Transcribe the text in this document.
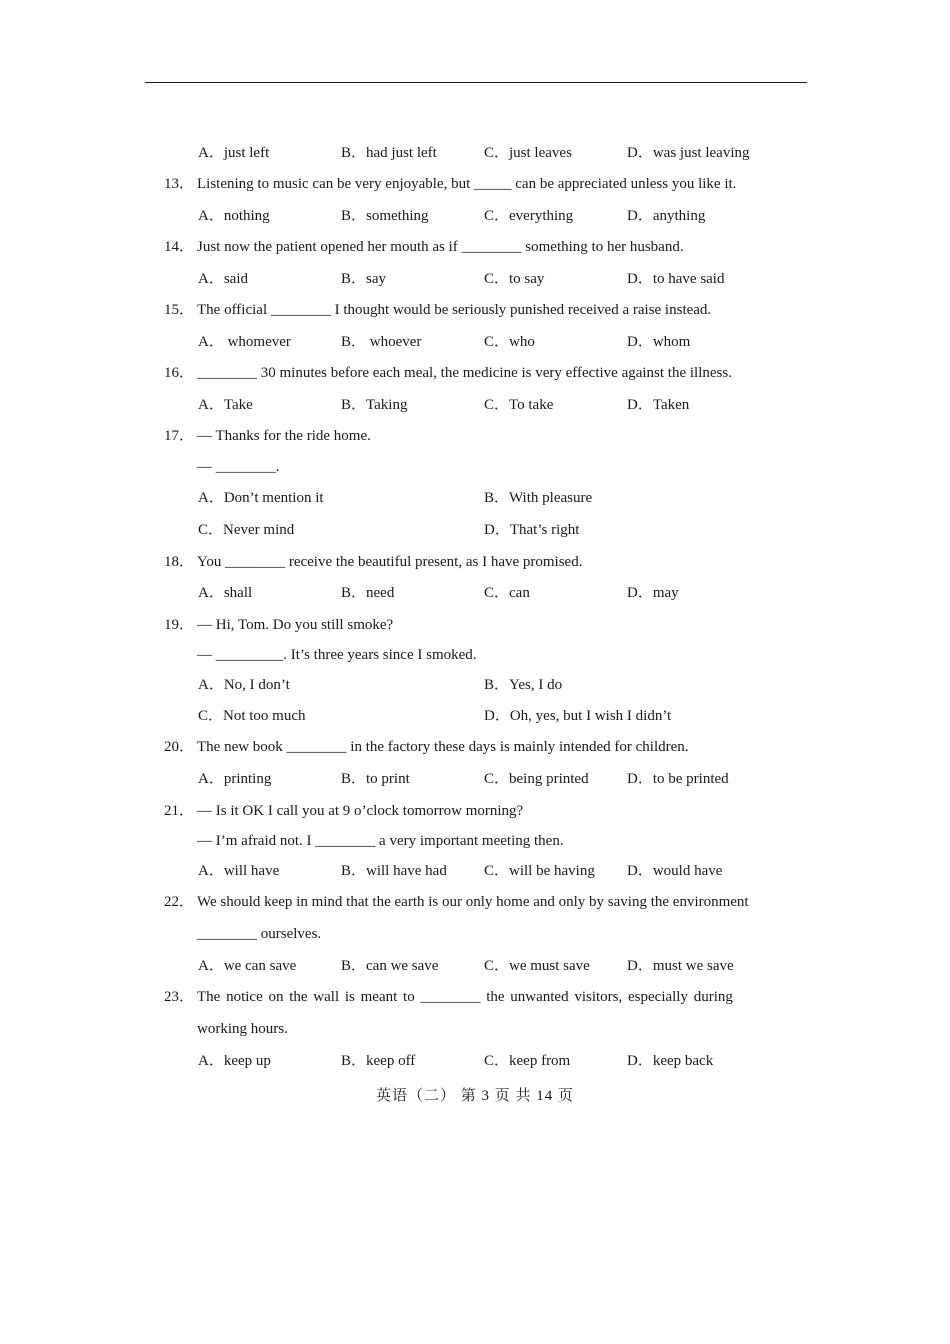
A．just left	B．had just left	C．just leaves	D．was just leaving
13． Listening to music can be very enjoyable, but _____ can be appreciated unless you like it.
A．nothing	B．something	C．everything	D．anything
14． Just now the patient opened her mouth as if ________ something to her husband.
A．said	B．say	C．to say	D．to have said
15． The official ________ I thought would be seriously punished received a raise instead.
A． whomever	B． whoever	C．who	D．whom
16． ________ 30 minutes before each meal, the medicine is very effective against the illness.
A．Take	B．Taking	C．To take	D．Taken
17． — Thanks for the ride home.
— ________.
A．Don’t mention it	B．With pleasure
C．Never mind	D．That’s right
18． You ________ receive the beautiful present, as I have promised.
A．shall	B．need	C．can	D．may
19． — Hi, Tom. Do you still smoke?
— _________. It’s three years since I smoked.
A．No, I don’t	B．Yes, I do
C．Not too much	D．Oh, yes, but I wish I didn’t
20． The new book ________ in the factory these days is mainly intended for children.
A．printing	B．to print	C．being printed	D．to be printed
21． — Is it OK I call you at 9 o’clock tomorrow morning?
— I’m afraid not. I ________ a very important meeting then.
A．will have	B．will have had C．will be having D．would have
22． We should keep in mind that the earth is our only home and only by saving the environment
________ ourselves.
A．we can save	B．can we save	C．we must save D．must we save
23． The notice on the wall is meant to ________ the unwanted visitors, especially during
working hours.
A．keep up	B．keep off	C．keep from	D．keep back
英语（二） 第 3 页 共 14 页
